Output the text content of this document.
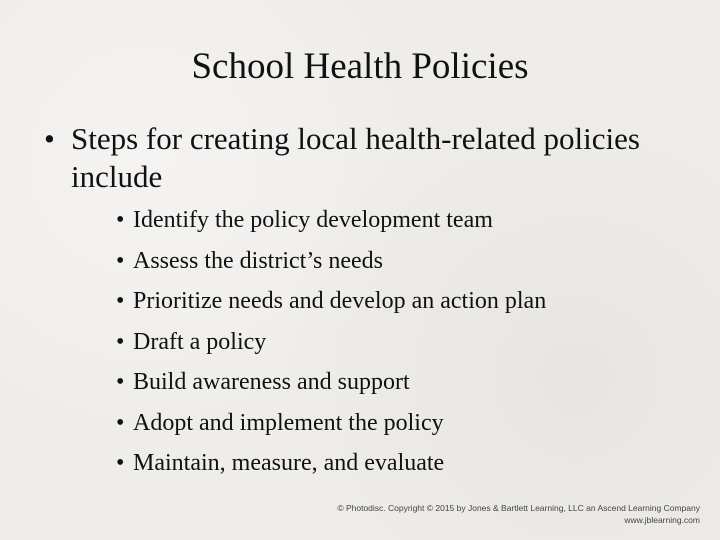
School Health Policies
• Steps for creating local health-related policies include
• Identify the policy development team
• Assess the district’s needs
• Prioritize needs and develop an action plan
• Draft a policy
• Build awareness and support
• Adopt and implement the policy
• Maintain, measure, and evaluate
© Photodisc. Copyright © 2015 by Jones & Bartlett Learning, LLC an Ascend Learning Company
www.jblearning.com
